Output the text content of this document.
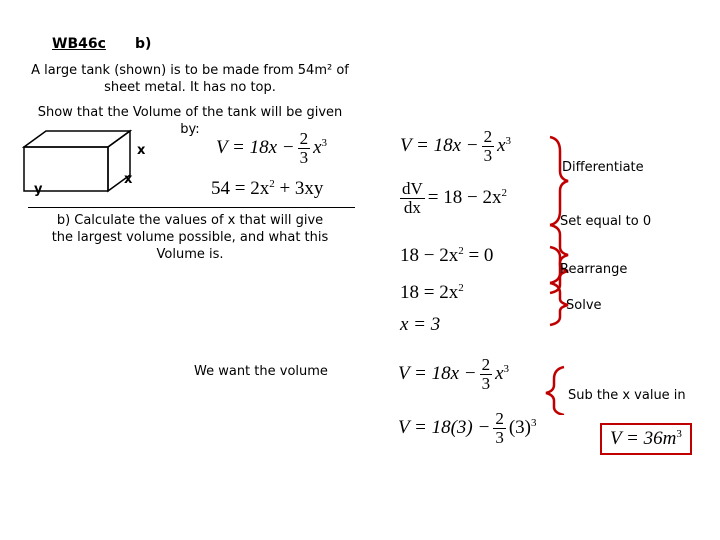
WB46c b)
A large tank (shown) is to be made from 54m² of
sheet metal. It has no top.
Show that the Volume of the tank will be given
by:
x
x
y
$V = 18x - \frac{2}{3} x^3$
$54 = 2x^2 + 3xy$
b) Calculate the values of x that will give
the largest volume possible, and what this
Volume is.
$V = 18x - \frac{2}{3} x^3$
$\frac{dV}{dx} = 18 - 2x^2$
$18 - 2x^2 = 0$
$18 = 2x^2$
x = 3
$V = 18x - \frac{2}{3} x^3$
$V = 18(3) - \frac{2}{3} (3)^3$
$V = 36m^3$
Differentiate
Set equal to 0
Rearrange
Solve
We want the volume
Sub the x value in
